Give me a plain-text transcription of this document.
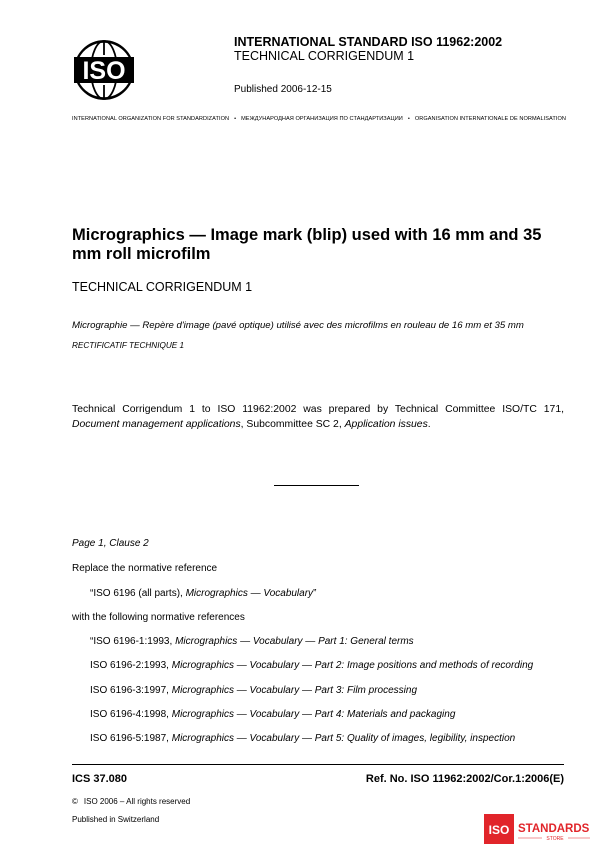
ISO
INTERNATIONAL STANDARD ISO 11962:2002
TECHNICAL CORRIGENDUM 1
Published 2006-12-15
INTERNATIONAL ORGANIZATION FOR STANDARDIZATION • МЕЖДУНАРОДНАЯ ОРГАНИЗАЦИЯ ПО СТАНДАРТИЗАЦИИ • ORGANISATION INTERNATIONALE DE NORMALISATION
Micrographics — Image mark (blip) used with 16 mm and 35 mm roll microfilm
TECHNICAL CORRIGENDUM 1
Micrographie — Repère d'image (pavé optique) utilisé avec des microfilms en rouleau de 16 mm et 35 mm
RECTIFICATIF TECHNIQUE 1
Technical Corrigendum 1 to ISO 11962:2002 was prepared by Technical Committee ISO/TC 171, Document management applications, Subcommittee SC 2, Application issues.
Page 1, Clause 2
Replace the normative reference
“ISO 6196 (all parts), Micrographics — Vocabulary”
with the following normative references
“ISO 6196-1:1993, Micrographics — Vocabulary — Part 1: General terms
ISO 6196-2:1993, Micrographics — Vocabulary — Part 2: Image positions and methods of recording
ISO 6196-3:1997, Micrographics — Vocabulary — Part 3: Film processing
ISO 6196-4:1998, Micrographics — Vocabulary — Part 4: Materials and packaging
ISO 6196-5:1987, Micrographics — Vocabulary — Part 5: Quality of images, legibility, inspection
ICS 37.080	Ref. No. ISO 11962:2002/Cor.1:2006(E)
© ISO 2006 – All rights reserved
Published in Switzerland
ISO STANDARDS
STORE
